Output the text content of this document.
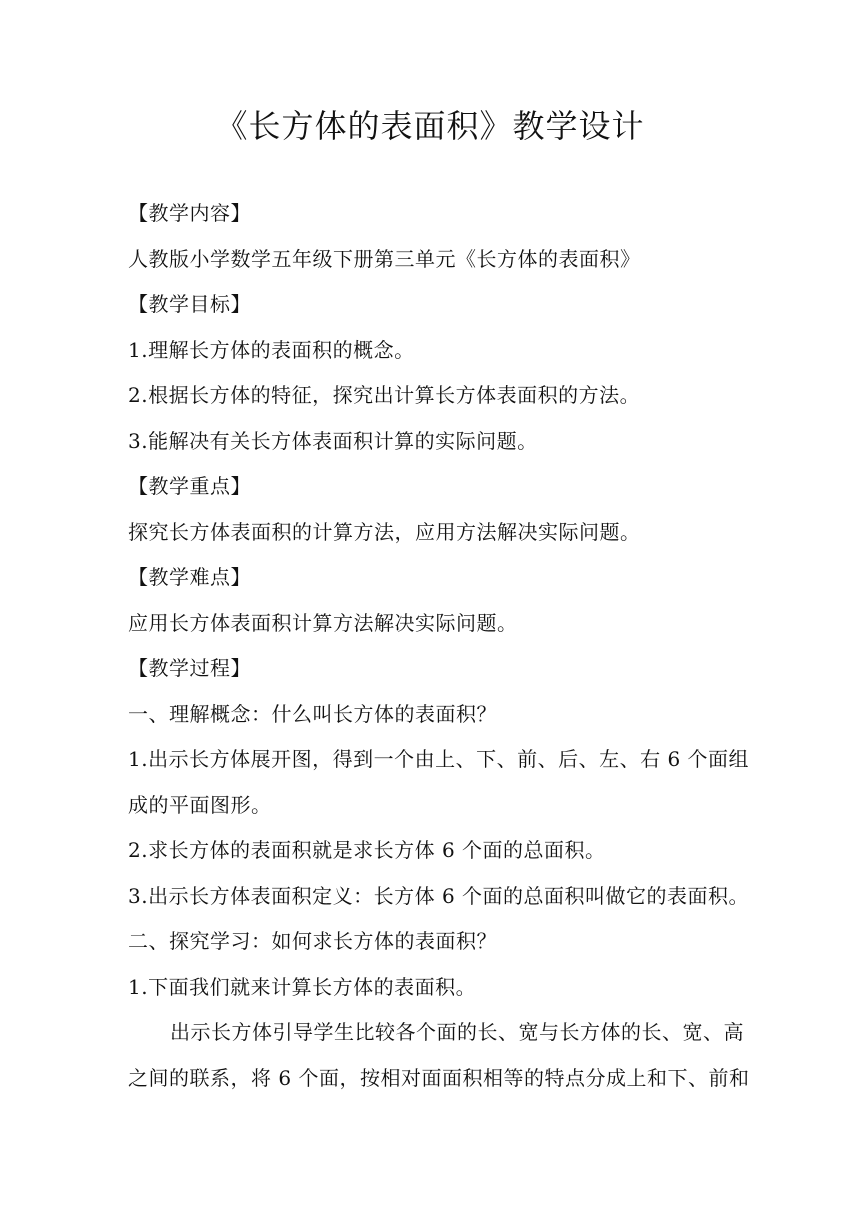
《长方体的表面积》教学设计
【教学内容】
人教版小学数学五年级下册第三单元《长方体的表面积》
【教学目标】
1.理解长方体的表面积的概念。
2.根据长方体的特征，探究出计算长方体表面积的方法。
3.能解决有关长方体表面积计算的实际问题。
【教学重点】
探究长方体表面积的计算方法，应用方法解决实际问题。
【教学难点】
应用长方体表面积计算方法解决实际问题。
【教学过程】
一、理解概念：什么叫长方体的表面积？
1.出示长方体展开图，得到一个由上、下、前、后、左、右 6 个面组
成的平面图形。
2.求长方体的表面积就是求长方体 6 个面的总面积。
3.出示长方体表面积定义：长方体 6 个面的总面积叫做它的表面积。
二、探究学习：如何求长方体的表面积？
1.下面我们就来计算长方体的表面积。
出示长方体引导学生比较各个面的长、宽与长方体的长、宽、高
之间的联系，将 6 个面，按相对面面积相等的特点分成上和下、前和
